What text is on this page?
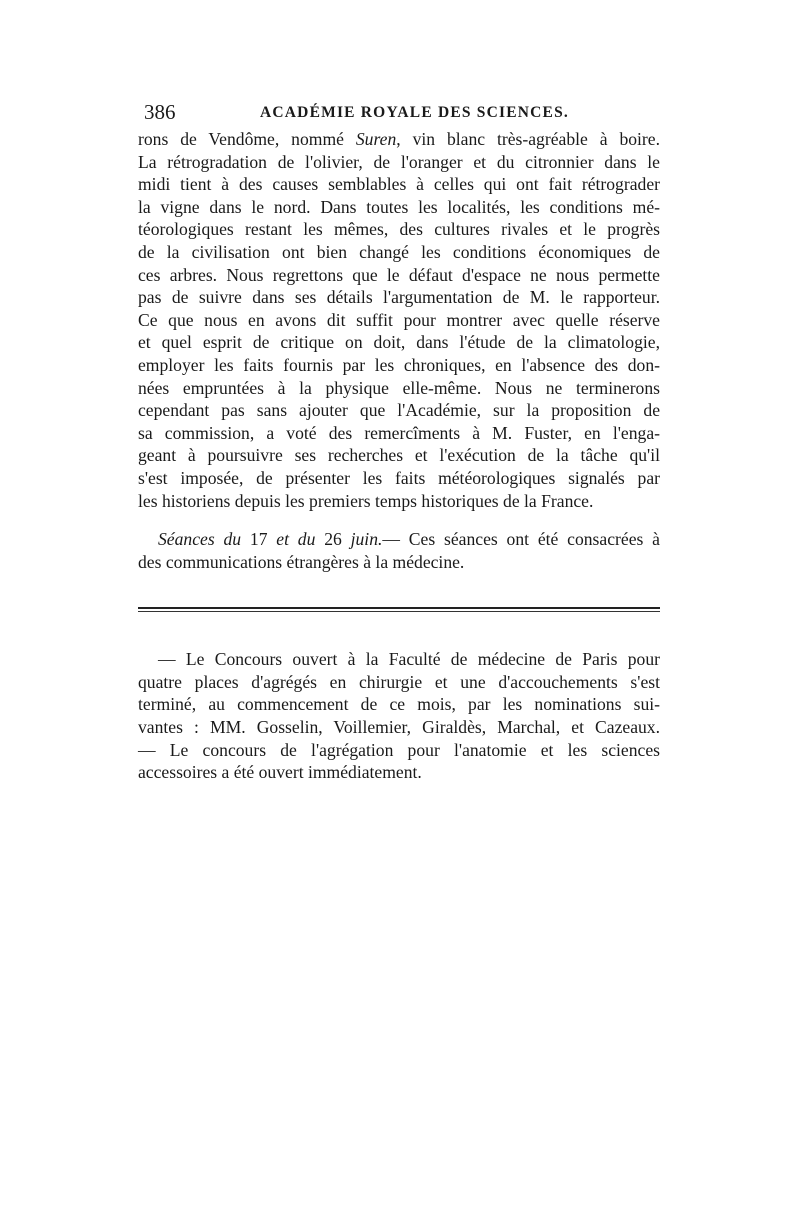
386	ACADÉMIE ROYALE DES SCIENCES.
rons de Vendôme, nommé Suren, vin blanc très-agréable à boire.
La rétrogradation de l'olivier, de l'oranger et du citronnier dans le
midi tient à des causes semblables à celles qui ont fait rétrograder
la vigne dans le nord. Dans toutes les localités, les conditions mé-
téorologiques restant les mêmes, des cultures rivales et le progrès
de la civilisation ont bien changé les conditions économiques de
ces arbres. Nous regrettons que le défaut d'espace ne nous permette
pas de suivre dans ses détails l'argumentation de M. le rapporteur.
Ce que nous en avons dit suffit pour montrer avec quelle réserve
et quel esprit de critique on doit, dans l'étude de la climatologie,
employer les faits fournis par les chroniques, en l'absence des don-
nées empruntées à la physique elle-même. Nous ne terminerons
cependant pas sans ajouter que l'Académie, sur la proposition de
sa commission, a voté des remercîments à M. Fuster, en l'enga-
geant à poursuivre ses recherches et l'exécution de la tâche qu'il
s'est imposée, de présenter les faits météorologiques signalés par
les historiens depuis les premiers temps historiques de la France.
Séances du 17 et du 26 juin.— Ces séances ont été consacrées à
des communications étrangères à la médecine.
— Le Concours ouvert à la Faculté de médecine de Paris pour
quatre places d'agrégés en chirurgie et une d'accouchements s'est
terminé, au commencement de ce mois, par les nominations sui-
vantes : MM. Gosselin, Voillemier, Giraldès, Marchal, et Cazeaux.
— Le concours de l'agrégation pour l'anatomie et les sciences
accessoires a été ouvert immédiatement.
